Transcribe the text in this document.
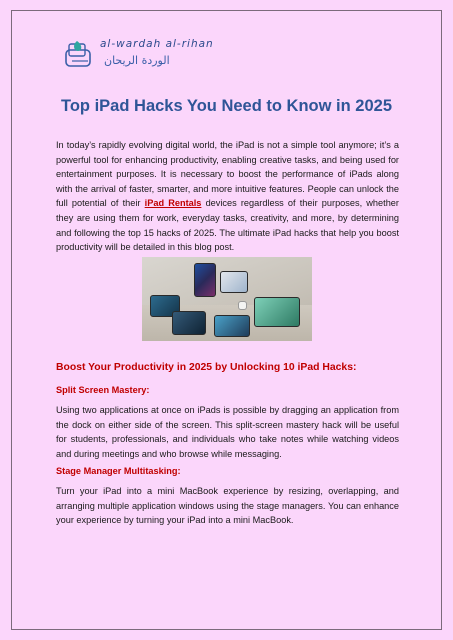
al-wardah al-rihan
الوردة الريحان
Top iPad Hacks You Need to Know in 2025

In today’s rapidly evolving digital world, the iPad is not a simple tool anymore; it’s a powerful tool for enhancing productivity, enabling creative tasks, and being used for entertainment purposes. It is necessary to boost the performance of iPads along with the arrival of faster, smarter, and more intuitive features. People can unlock the full potential of their iPad Rentals devices regardless of their purposes, whether they are using them for work, everyday tasks, creativity, and more, by determining and following the top 15 hacks of 2025. The ultimate iPad hacks that help you boost productivity will be detailed in this blog post.

Boost Your Productivity in 2025 by Unlocking 10 iPad Hacks:
Split Screen Mastery:

Using two applications at once on iPads is possible by dragging an application from the dock on either side of the screen. This split-screen mastery hack will be useful for students, professionals, and individuals who take notes while watching videos and during meetings and who browse while messaging.

Stage Manager Multitasking:

Turn your iPad into a mini MacBook experience by resizing, overlapping, and arranging multiple application windows using the stage managers. You can enhance your experience by turning your iPad into a mini MacBook.
